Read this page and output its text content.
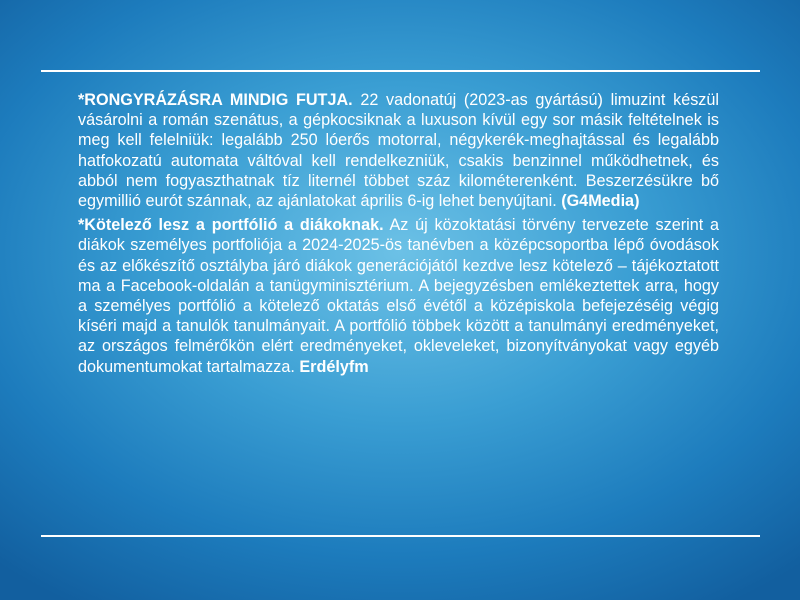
*RONGYRÁZÁSRA MINDIG FUTJA. 22 vadonatúj (2023-as gyártású) limuzint készül vásárolni a román szenátus, a gépkocsiknak a luxuson kívül egy sor másik feltételnek is meg kell felelniük: legalább 250 lóerős motorral, négykerék-meghajtással és legalább hatfokozatú automata váltóval kell rendelkezniük, csakis benzinnel működhetnek, és abból nem fogyaszthatnak tíz liternél többet száz kilométerenként. Beszerzésükre bő egymillió eurót szánnak, az ajánlatokat április 6-ig lehet benyújtani. (G4Media)

*Kötelező lesz a portfólió a diákoknak. Az új közoktatási törvény tervezete szerint a diákok személyes portfoliója a 2024-2025-ös tanévben a középcsoportba lépő óvodások és az előkészítő osztályba járó diákok generációjától kezdve lesz kötelező – tájékoztatott ma a Facebook-oldalán a tanügyminisztérium. A bejegyzésben emlékeztettek arra, hogy a személyes portfólió a kötelező oktatás első évétől a középiskola befejezéséig végig kíséri majd a tanulók tanulmányait. A portfólió többek között a tanulmányi eredményeket, az országos felmérőkön elért eredményeket, okleveleket, bizonyítványokat vagy egyéb dokumentumokat tartalmazza. Erdélyfm
